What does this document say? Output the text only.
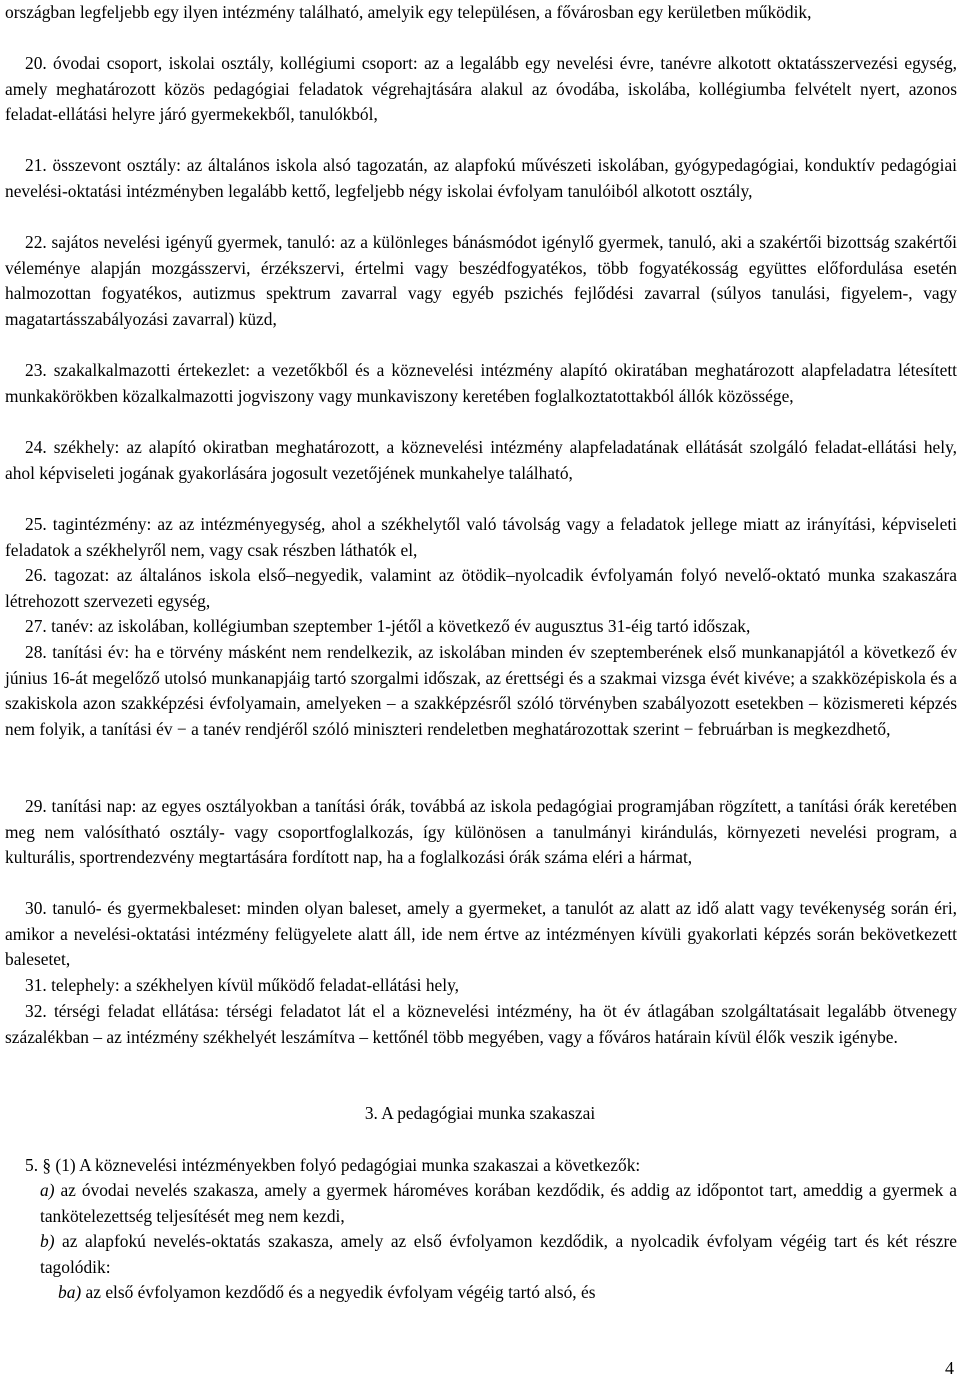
országban legfeljebb egy ilyen intézmény található, amelyik egy településen, a fővárosban egy kerületben működik,
20. óvodai csoport, iskolai osztály, kollégiumi csoport: az a legalább egy nevelési évre, tanévre alkotott oktatásszervezési egység, amely meghatározott közös pedagógiai feladatok végrehajtására alakul az óvodába, iskolába, kollégiumba felvételt nyert, azonos feladat-ellátási helyre járó gyermekekből, tanulókból,
21. összevont osztály: az általános iskola alsó tagozatán, az alapfokú művészeti iskolában, gyógypedagógiai, konduktív pedagógiai nevelési-oktatási intézményben legalább kettő, legfeljebb négy iskolai évfolyam tanulóiból alkotott osztály,
22. sajátos nevelési igényű gyermek, tanuló: az a különleges bánásmódot igénylő gyermek, tanuló, aki a szakértői bizottság szakértői véleménye alapján mozgásszervi, érzékszervi, értelmi vagy beszédfogyatékos, több fogyatékosság együttes előfordulása esetén halmozottan fogyatékos, autizmus spektrum zavarral vagy egyéb pszichés fejlődési zavarral (súlyos tanulási, figyelem-, vagy magatartásszabályozási zavarral) küzd,
23. szakalkalmazotti értekezlet: a vezetőkből és a köznevelési intézmény alapító okiratában meghatározott alapfeladatra létesített munkakörökben közalkalmazotti jogviszony vagy munkaviszony keretében foglalkoztatottakból állók közössége,
24. székhely: az alapító okiratban meghatározott, a köznevelési intézmény alapfeladatának ellátását szolgáló feladat-ellátási hely, ahol képviseleti jogának gyakorlására jogosult vezetőjének munkahelye található,
25. tagintézmény: az az intézményegység, ahol a székhelytől való távolság vagy a feladatok jellege miatt az irányítási, képviseleti feladatok a székhelyről nem, vagy csak részben láthatók el,
26. tagozat: az általános iskola első–negyedik, valamint az ötödik–nyolcadik évfolyamán folyó nevelő-oktató munka szakaszára létrehozott szervezeti egység,
27. tanév: az iskolában, kollégiumban szeptember 1-jétől a következő év augusztus 31-éig tartó időszak,
28. tanítási év: ha e törvény másként nem rendelkezik, az iskolában minden év szeptemberének első munkanapjától a következő év június 16-át megelőző utolsó munkanapjáig tartó szorgalmi időszak, az érettségi és a szakmai vizsga évét kivéve; a szakközépiskola és a szakiskola azon szakképzési évfolyamain, amelyeken – a szakképzésről szóló törvényben szabályozott esetekben – közismereti képzés nem folyik, a tanítási év − a tanév rendjéről szóló miniszteri rendeletben meghatározottak szerint − februárban is megkezdhető,
29. tanítási nap: az egyes osztályokban a tanítási órák, továbbá az iskola pedagógiai programjában rögzített, a tanítási órák keretében meg nem valósítható osztály- vagy csoportfoglalkozás, így különösen a tanulmányi kirándulás, környezeti nevelési program, a kulturális, sportrendezvény megtartására fordított nap, ha a foglalkozási órák száma eléri a hármat,
30. tanuló- és gyermekbaleset: minden olyan baleset, amely a gyermeket, a tanulót az alatt az idő alatt vagy tevékenység során éri, amikor a nevelési-oktatási intézmény felügyelete alatt áll, ide nem értve az intézményen kívüli gyakorlati képzés során bekövetkezett balesetet,
31. telephely: a székhelyen kívül működő feladat-ellátási hely,
32. térségi feladat ellátása: térségi feladatot lát el a köznevelési intézmény, ha öt év átlagában szolgáltatásait legalább ötvenegy százalékban – az intézmény székhelyét leszámítva – kettőnél több megyében, vagy a főváros határain kívül élők veszik igénybe.
3. A pedagógiai munka szakaszai
5. § (1) A köznevelési intézményekben folyó pedagógiai munka szakaszai a következők:
a) az óvodai nevelés szakasza, amely a gyermek hároméves korában kezdődik, és addig az időpontot tart, ameddig a gyermek a tankötelezettség teljesítését meg nem kezdi,
b) az alapfokú nevelés-oktatás szakasza, amely az első évfolyamon kezdődik, a nyolcadik évfolyam végéig tart és két részre tagolódik:
ba) az első évfolyamon kezdődő és a negyedik évfolyam végéig tartó alsó, és
4
